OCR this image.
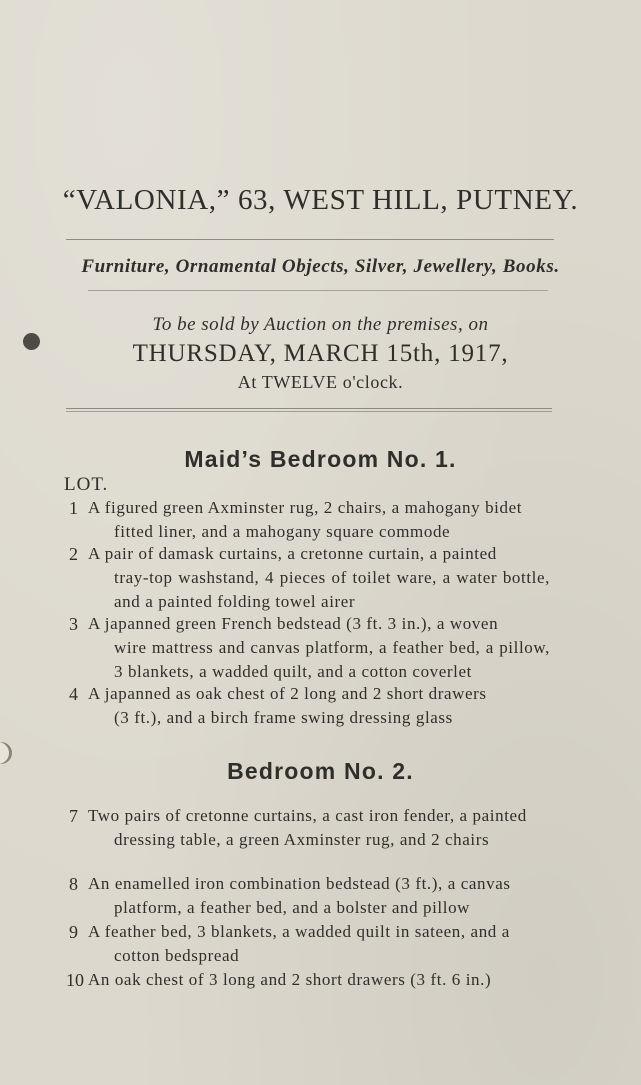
“VALONIA,” 63, WEST HILL, PUTNEY.
Furniture, Ornamental Objects, Silver, Jewellery, Books.
To be sold by Auction on the premises, on
THURSDAY, MARCH 15th, 1917,
At TWELVE o'clock.
Maid’s Bedroom No. 1.
LOT.
1 A figured green Axminster rug, 2 chairs, a mahogany bidet
fitted liner, and a mahogany square commode
2 A pair of damask curtains, a cretonne curtain, a painted
tray-top washstand, 4 pieces of toilet ware, a water bottle, and a painted folding towel airer
3 A japanned green French bedstead (3 ft. 3 in.), a woven
wire mattress and canvas platform, a feather bed, a pillow, 3 blankets, a wadded quilt, and a cotton coverlet
4 A japanned as oak chest of 2 long and 2 short drawers
(3 ft.), and a birch frame swing dressing glass
Bedroom No. 2.
7 Two pairs of cretonne curtains, a cast iron fender, a painted
dressing table, a green Axminster rug, and 2 chairs
8 An enamelled iron combination bedstead (3 ft.), a canvas
platform, a feather bed, and a bolster and pillow
9 A feather bed, 3 blankets, a wadded quilt in sateen, and a
cotton bedspread
10 An oak chest of 3 long and 2 short drawers (3 ft. 6 in.)
